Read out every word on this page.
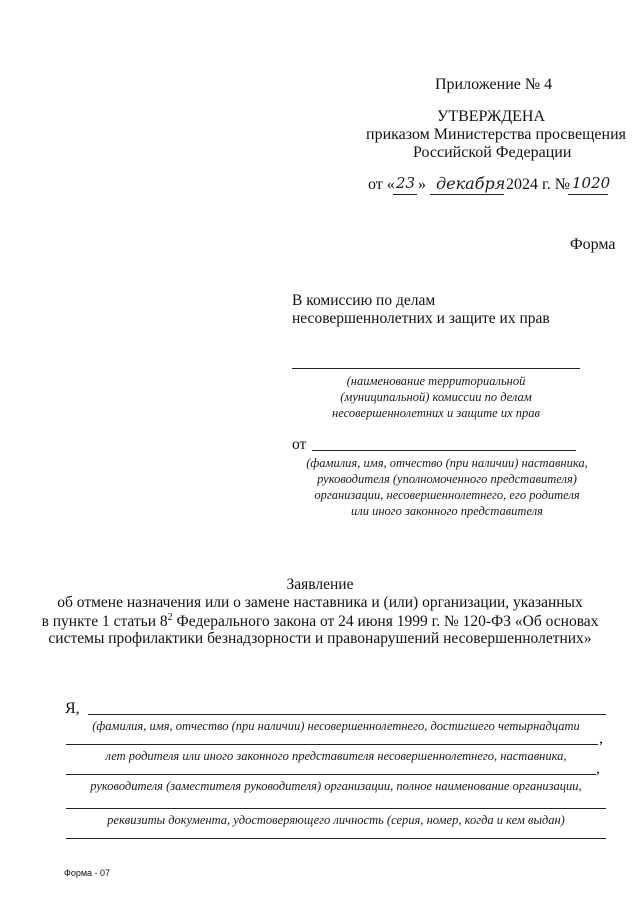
Приложение № 4
УТВЕРЖДЕНА
приказом Министерства просвещения
Российской Федерации
от « 23 » декабря 2024 г. № 1020
Форма
В комиссию по делам
несовершеннолетних и защите их прав
(наименование территориальной
(муниципальной) комиссии по делам
несовершеннолетних и защите их прав
от
(фамилия, имя, отчество (при наличии) наставника,
руководителя (уполномоченного представителя)
организации, несовершеннолетнего, его родителя
или иного законного представителя
Заявление
об отмене назначения или о замене наставника и (или) организации, указанных
в пункте 1 статьи $8^2$ Федерального закона от 24 июня 1999 г. № 120-ФЗ «Об основах
системы профилактики безнадзорности и правонарушений несовершеннолетних»
Я,
(фамилия, имя, отчество (при наличии) несовершеннолетнего, достигшего четырнадцати
,
лет родителя или иного законного представителя несовершеннолетнего, наставника,
,
руководителя (заместителя руководителя) организации, полное наименование организации,
реквизиты документа, удостоверяющего личность (серия, номер, когда и кем выдан)
Форма - 07
